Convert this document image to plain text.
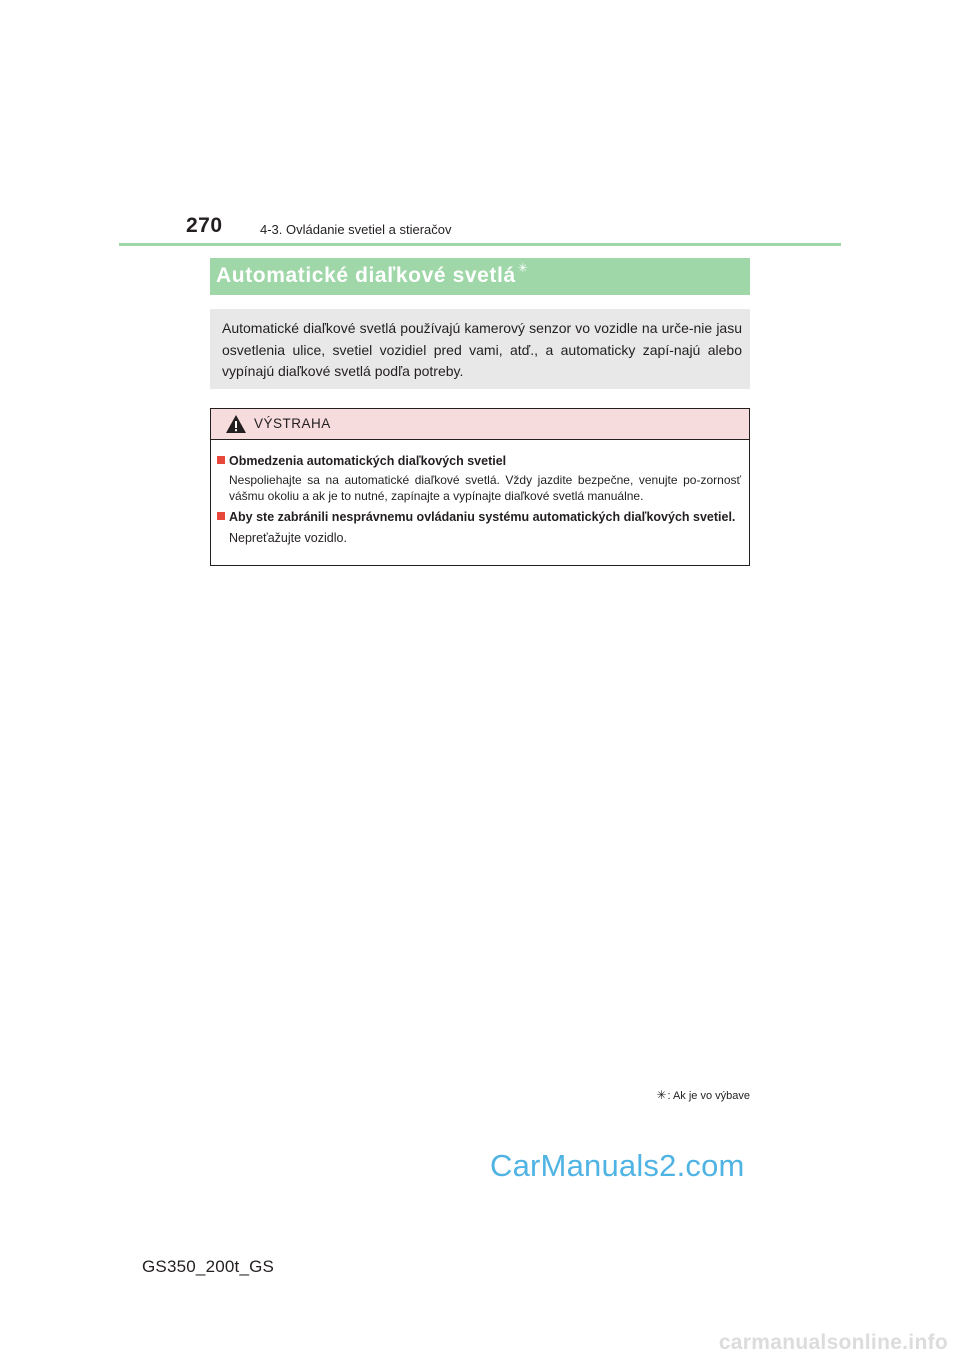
270	4-3. Ovládanie svetiel a stieračov
Automatické diaľkové svetlá ✳
Automatické diaľkové svetlá používajú kamerový senzor vo vozidle na urče-nie jasu osvetlenia ulice, svetiel vozidiel pred vami, atď., a automaticky zapí-najú alebo vypínajú diaľkové svetlá podľa potreby.
VÝSTRAHA
Obmedzenia automatických diaľkových svetiel
Nespoliehajte sa na automatické diaľkové svetlá. Vždy jazdite bezpečne, venujte po-zornosť vášmu okoliu a ak je to nutné, zapínajte a vypínajte diaľkové svetlá manuálne.
Aby ste zabránili nesprávnemu ovládaniu systému automatických diaľkových svetiel.
Nepreťažujte vozidlo.
✳: Ak je vo výbave
CarManuals2.com
GS350_200t_GS
carmanualsonline.info
